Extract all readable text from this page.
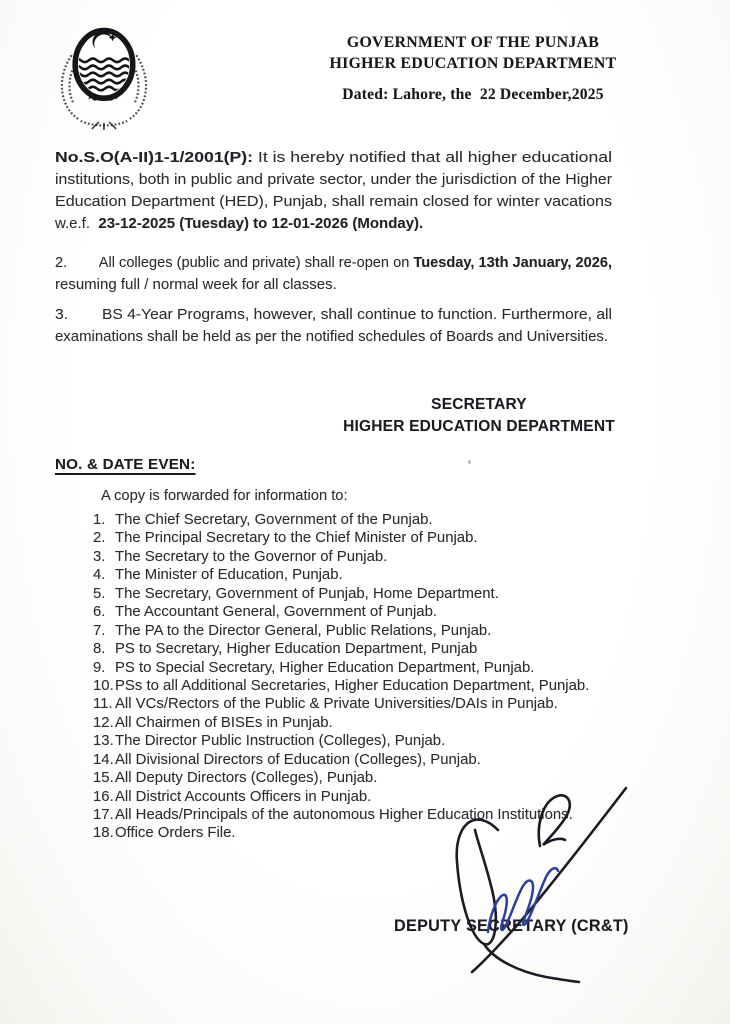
GOVERNMENT OF THE PUNJAB
HIGHER EDUCATION DEPARTMENT
Dated: Lahore, the  22 December,2025
No.S.O(A-II)1-1/2001(P): It is hereby notified that all higher educational
institutions, both in public and private sector, under the jurisdiction of the Higher
Education Department (HED), Punjab, shall remain closed for winter vacations
w.e.f.  23-12-2025 (Tuesday) to 12-01-2026 (Monday).
2. All colleges (public and private) shall re-open on Tuesday, 13th January, 2026,
resuming full / normal week for all classes.
3. BS 4-Year Programs, however, shall continue to function. Furthermore, all
examinations shall be held as per the notified schedules of Boards and Universities.
SECRETARY
HIGHER EDUCATION DEPARTMENT
NO. & DATE EVEN:
A copy is forwarded for information to:
1. The Chief Secretary, Government of the Punjab.
2. The Principal Secretary to the Chief Minister of Punjab.
3. The Secretary to the Governor of Punjab.
4. The Minister of Education, Punjab.
5. The Secretary, Government of Punjab, Home Department.
6. The Accountant General, Government of Punjab.
7. The PA to the Director General, Public Relations, Punjab.
8. PS to Secretary, Higher Education Department, Punjab
9. PS to Special Secretary, Higher Education Department, Punjab.
10.PSs to all Additional Secretaries, Higher Education Department, Punjab.
11. All VCs/Rectors of the Public & Private Universities/DAIs in Punjab.
12.All Chairmen of BISEs in Punjab.
13.The Director Public Instruction (Colleges), Punjab.
14.All Divisional Directors of Education (Colleges), Punjab.
15.All Deputy Directors (Colleges), Punjab.
16.All District Accounts Officers in Punjab.
17.All Heads/Principals of the autonomous Higher Education Institutions.
18.Office Orders File.
DEPUTY SECRETARY (CR&T)
